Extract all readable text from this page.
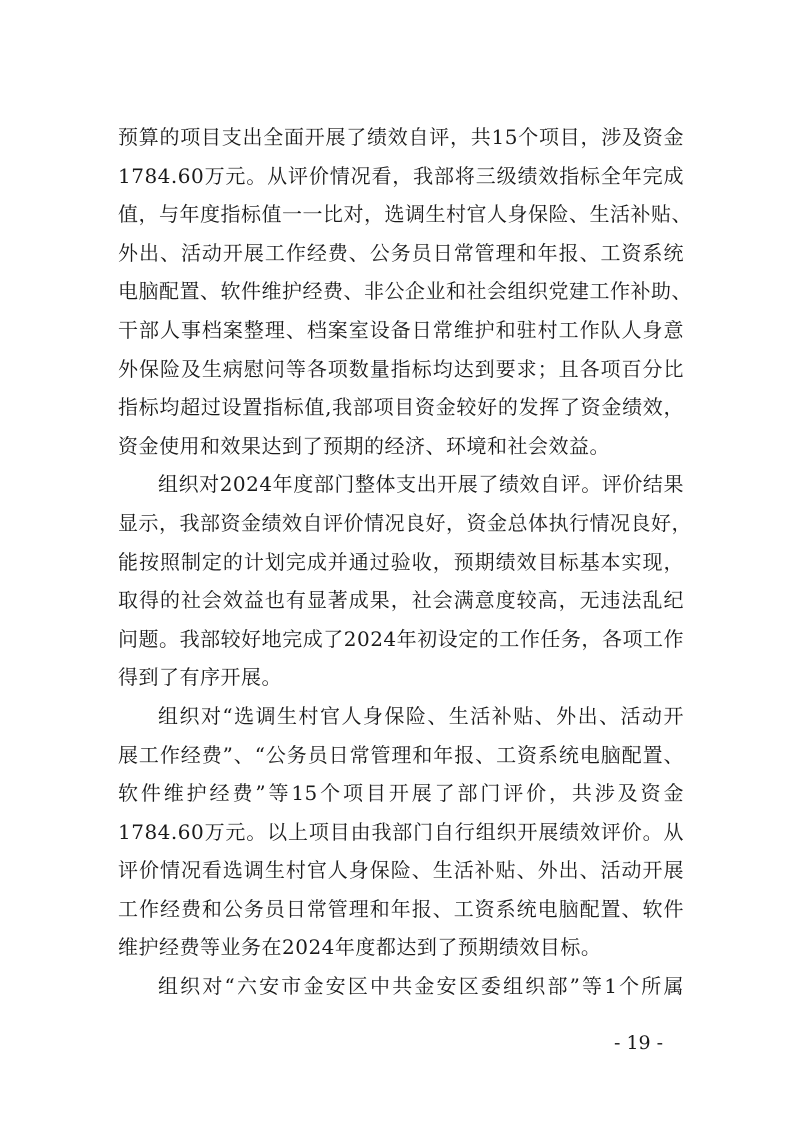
预算的项目支出全面开展了绩效自评，共15个项目，涉及资金
1784.60万元。从评价情况看，我部将三级绩效指标全年完成
值，与年度指标值一一比对，选调生村官人身保险、生活补贴、
外出、活动开展工作经费、公务员日常管理和年报、工资系统
电脑配置、软件维护经费、非公企业和社会组织党建工作补助、
干部人事档案整理、档案室设备日常维护和驻村工作队人身意
外保险及生病慰问等各项数量指标均达到要求；且各项百分比
指标均超过设置指标值,我部项目资金较好的发挥了资金绩效，
资金使用和效果达到了预期的经济、环境和社会效益。
组织对2024年度部门整体支出开展了绩效自评。评价结果
显示，我部资金绩效自评价情况良好，资金总体执行情况良好，
能按照制定的计划完成并通过验收，预期绩效目标基本实现，
取得的社会效益也有显著成果，社会满意度较高，无违法乱纪
问题。我部较好地完成了2024年初设定的工作任务，各项工作
得到了有序开展。
组织对“选调生村官人身保险、生活补贴、外出、活动开
展工作经费”、“公务员日常管理和年报、工资系统电脑配置、
软件维护经费”等15个项目开展了部门评价，共涉及资金
1784.60万元。以上项目由我部门自行组织开展绩效评价。从
评价情况看选调生村官人身保险、生活补贴、外出、活动开展
工作经费和公务员日常管理和年报、工资系统电脑配置、软件
维护经费等业务在2024年度都达到了预期绩效目标。
组织对“六安市金安区中共金安区委组织部”等1个所属
- 19 -
